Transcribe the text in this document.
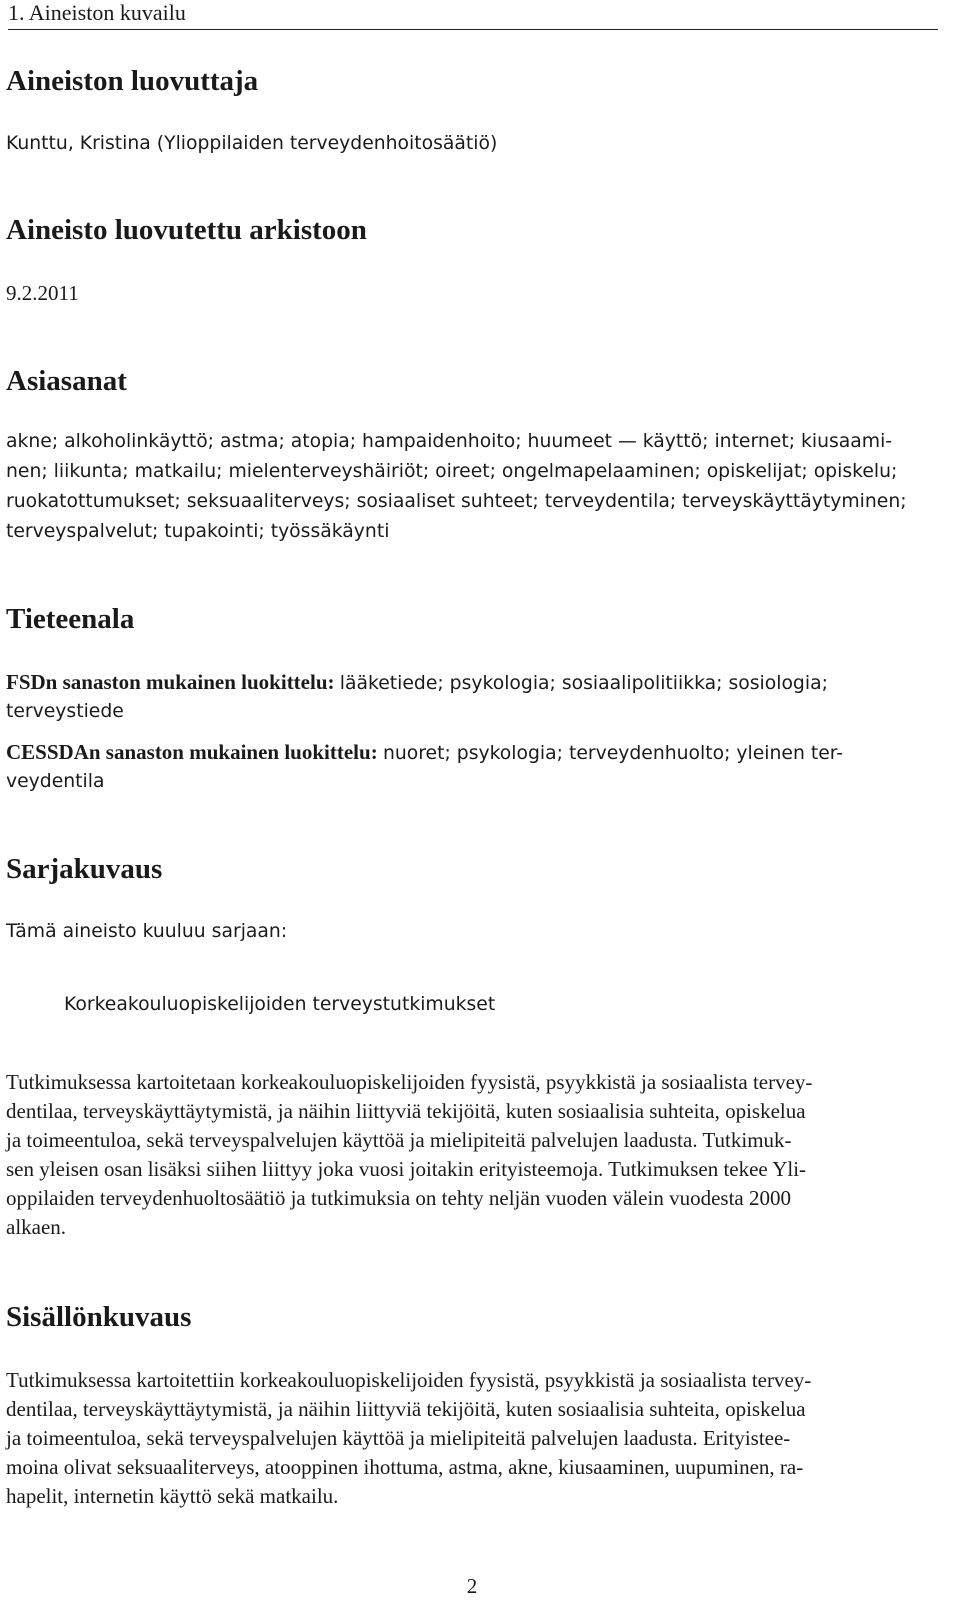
1. Aineiston kuvailu
Aineiston luovuttaja
Kunttu, Kristina (Ylioppilaiden terveydenhoitosäätiö)
Aineisto luovutettu arkistoon
9.2.2011
Asiasanat
akne; alkoholinkäyttö; astma; atopia; hampaidenhoito; huumeet — käyttö; internet; kiusaami-
nen; liikunta; matkailu; mielenterveyshäiriöt; oireet; ongelmapelaaminen; opiskelijat; opiskelu;
ruokatottumukset; seksuaaliterveys; sosiaaliset suhteet; terveydentila; terveyskäyttäytyminen;
terveyspalvelut; tupakointi; työssäkäynti
Tieteenala
FSDn sanaston mukainen luokittelu: lääketiede; psykologia; sosiaalipolitiikka; sosiologia;
terveystiede
CESSDAn sanaston mukainen luokittelu: nuoret; psykologia; terveydenhuolto; yleinen ter-
veydentila
Sarjakuvaus
Tämä aineisto kuuluu sarjaan:
Korkeakouluopiskelijoiden terveystutkimukset
Tutkimuksessa kartoitetaan korkeakouluopiskelijoiden fyysistä, psyykkistä ja sosiaalista tervey-
dentilaa, terveyskäyttäytymistä, ja näihin liittyviä tekijöitä, kuten sosiaalisia suhteita, opiskelua
ja toimeentuloa, sekä terveyspalvelujen käyttöä ja mielipiteitä palvelujen laadusta. Tutkimuk-
sen yleisen osan lisäksi siihen liittyy joka vuosi joitakin erityisteemoja. Tutkimuksen tekee Yli-
oppilaiden terveydenhuoltosäätiö ja tutkimuksia on tehty neljän vuoden välein vuodesta 2000
alkaen.
Sisällönkuvaus
Tutkimuksessa kartoitettiin korkeakouluopiskelijoiden fyysistä, psyykkistä ja sosiaalista tervey-
dentilaa, terveyskäyttäytymistä, ja näihin liittyviä tekijöitä, kuten sosiaalisia suhteita, opiskelua
ja toimeentuloa, sekä terveyspalvelujen käyttöä ja mielipiteitä palvelujen laadusta. Erityistee-
moina olivat seksuaaliterveys, atooppinen ihottuma, astma, akne, kiusaaminen, uupuminen, ra-
hapelit, internetin käyttö sekä matkailu.
2
